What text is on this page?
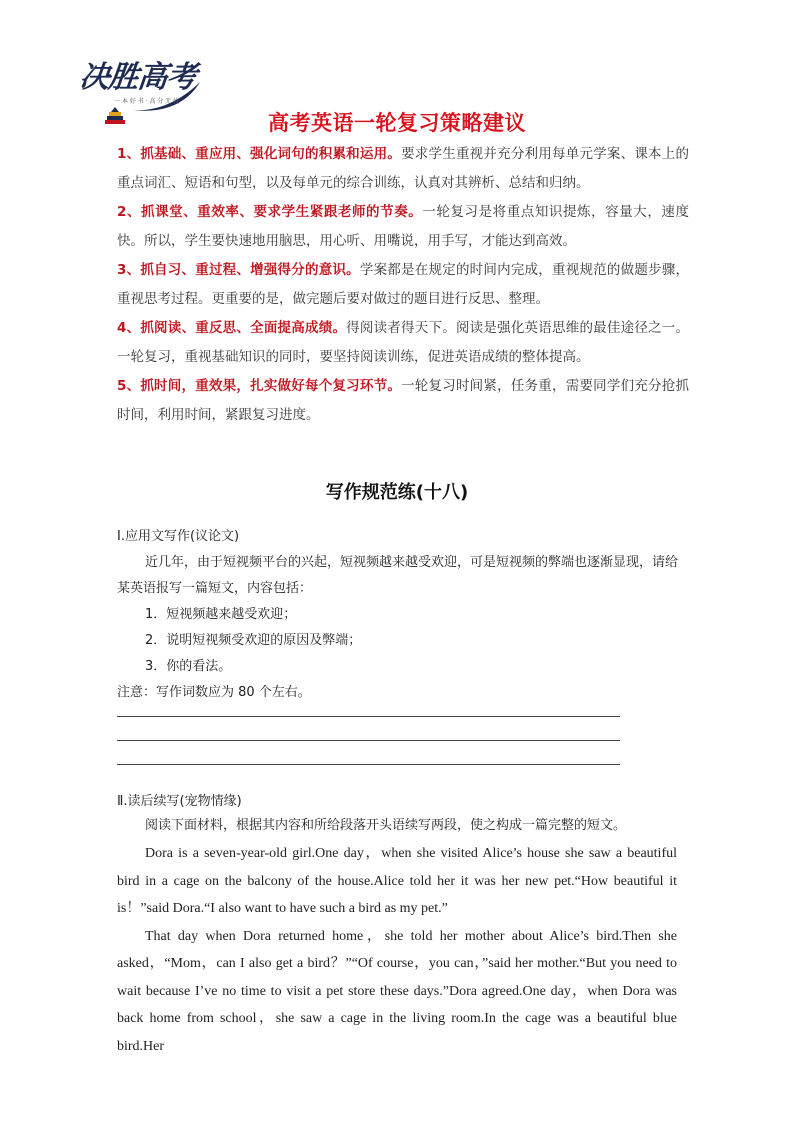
决胜高考
一 本 好 书 · 高 分 无 忧
高考英语一轮复习策略建议

1、抓基础、重应用、强化词句的积累和运用。要求学生重视并充分利用每单元学案、课本上的重点词汇、短语和句型，以及每单元的综合训练，认真对其辨析、总结和归纳。

2、抓课堂、重效率、要求学生紧跟老师的节奏。一轮复习是将重点知识提炼，容量大，速度快。所以，学生要快速地用脑思，用心听、用嘴说，用手写，才能达到高效。

3、抓自习、重过程、增强得分的意识。学案都是在规定的时间内完成，重视规范的做题步骤，重视思考过程。更重要的是，做完题后要对做过的题目进行反思、整理。

4、抓阅读、重反思、全面提高成绩。得阅读者得天下。阅读是强化英语思维的最佳途径之一。一轮复习，重视基础知识的同时，要坚持阅读训练，促进英语成绩的整体提高。

5、抓时间，重效果，扎实做好每个复习环节。一轮复习时间紧，任务重，需要同学们充分抢抓时间，利用时间，紧跟复习进度。

写作规范练(十八)

Ⅰ.应用文写作(议论文)

近几年，由于短视频平台的兴起，短视频越来越受欢迎，可是短视频的弊端也逐渐显现，请给某英语报写一篇短文，内容包括：

1．短视频越来越受欢迎；

2．说明短视频受欢迎的原因及弊端；

3．你的看法。

注意：写作词数应为 80 个左右。

Ⅱ.读后续写(宠物情缘)
阅读下面材料，根据其内容和所给段落开头语续写两段，使之构成一篇完整的短文。

Dora is a seven-year-old girl.One day，when she visited Alice’s house she saw a beautiful bird in a cage on the balcony of the house.Alice told her it was her new pet.“How beautiful it is！”said Dora.“I also want to have such a bird as my pet.”

That day when Dora returned home，she told her mother about Alice’s bird.Then she asked，“Mom，can I also get a bird？”“Of course，you can，”said her mother.“But you need to wait because I’ve no time to visit a pet store these days.”Dora agreed.One day，when Dora was back home from school，she saw a cage in the living room.In the cage was a beautiful blue bird.Her
